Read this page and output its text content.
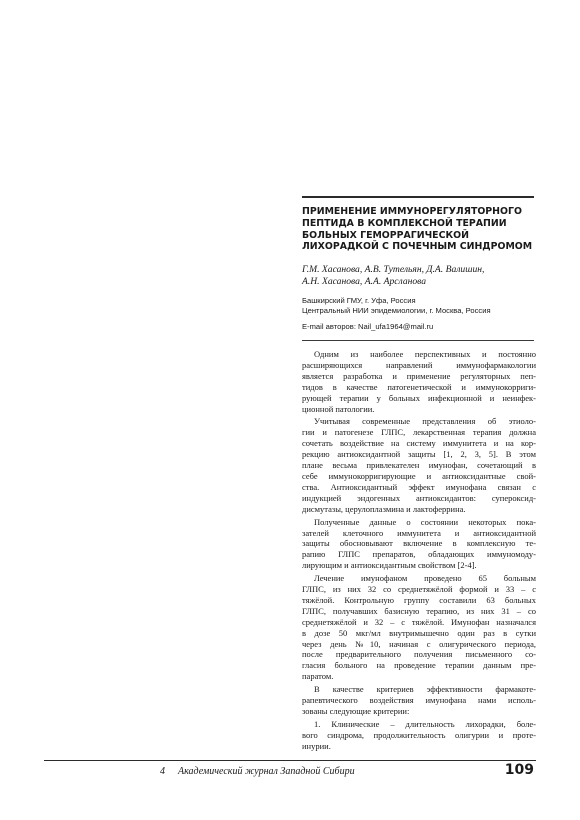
ПРИМЕНЕНИЕ ИММУНОРЕГУЛЯТОРНОГО
ПЕПТИДА В КОМПЛЕКСНОЙ ТЕРАПИИ
БОЛЬНЫХ ГЕМОРРАГИЧЕСКОЙ
ЛИХОРАДКОЙ С ПОЧЕЧНЫМ СИНДРОМОМ
Г.М. Хасанова, А.В. Тутельян, Д.А. Валишин,
А.Н. Хасанова, А.А. Арсланова
Башкирский ГМУ, г. Уфа, Россия
Центральный НИИ эпидемиологии, г. Москва, Россия
E-mail авторов: Nail_ufa1964@mail.ru

Одним из наиболее перспективных и постоянно
расширяющихся направлений иммунофармакологии
является разработка и применение регуляторных пеп-
тидов в качестве патогенетической и иммунокорриги-
рующей терапии у больных инфекционной и неинфек-
ционной патологии.

Учитывая современные представления об этиоло-
гии и патогенезе ГЛПС, лекарственная терапия должна
сочетать воздействие на систему иммунитета и на кор-
рекцию антиоксидантной защиты [1, 2, 3, 5]. В этом
плане весьма привлекателен имунофан, сочетающий в
себе иммунокорригирующие и антиоксидантные свой-
ства. Антиоксидантный эффект имунофана связан с
индукцией эндогенных антиоксидантов: супероксид-
дисмутазы, церулоплазмина и лактоферрина.

Полученные данные о состоянии некоторых пока-
зателей клеточного иммунитета и антиоксидантной
защиты обосновывают включение в комплексную те-
рапию ГЛПС препаратов, обладающих иммуномоду-
лирующим и антиоксидантным свойством [2-4].

Лечение имунофаном проведено 65 больным
ГЛПС, из них 32 со среднетяжёлой формой и 33 – с
тяжёлой. Контрольную группу составили 63 больных
ГЛПС, получавших базисную терапию, из них 31 – со
среднетяжёлой и 32 – с тяжёлой. Имунофан назначался
в дозе 50 мкг/мл внутримышечно один раз в сутки
через день №10, начиная с олигурического периода,
после предварительного получения письменного со-
гласия больного на проведение терапии данным пре-
паратом.

В качестве критериев эффективности фармакоте-
рапевтического воздействия имунофана нами исполь-
зованы следующие критерии:

1. Клинические – длительность лихорадки, боле-
вого синдрома, продолжительность олигурии и проте-
инурии.

4 Академический журнал Западной Сибири	109
